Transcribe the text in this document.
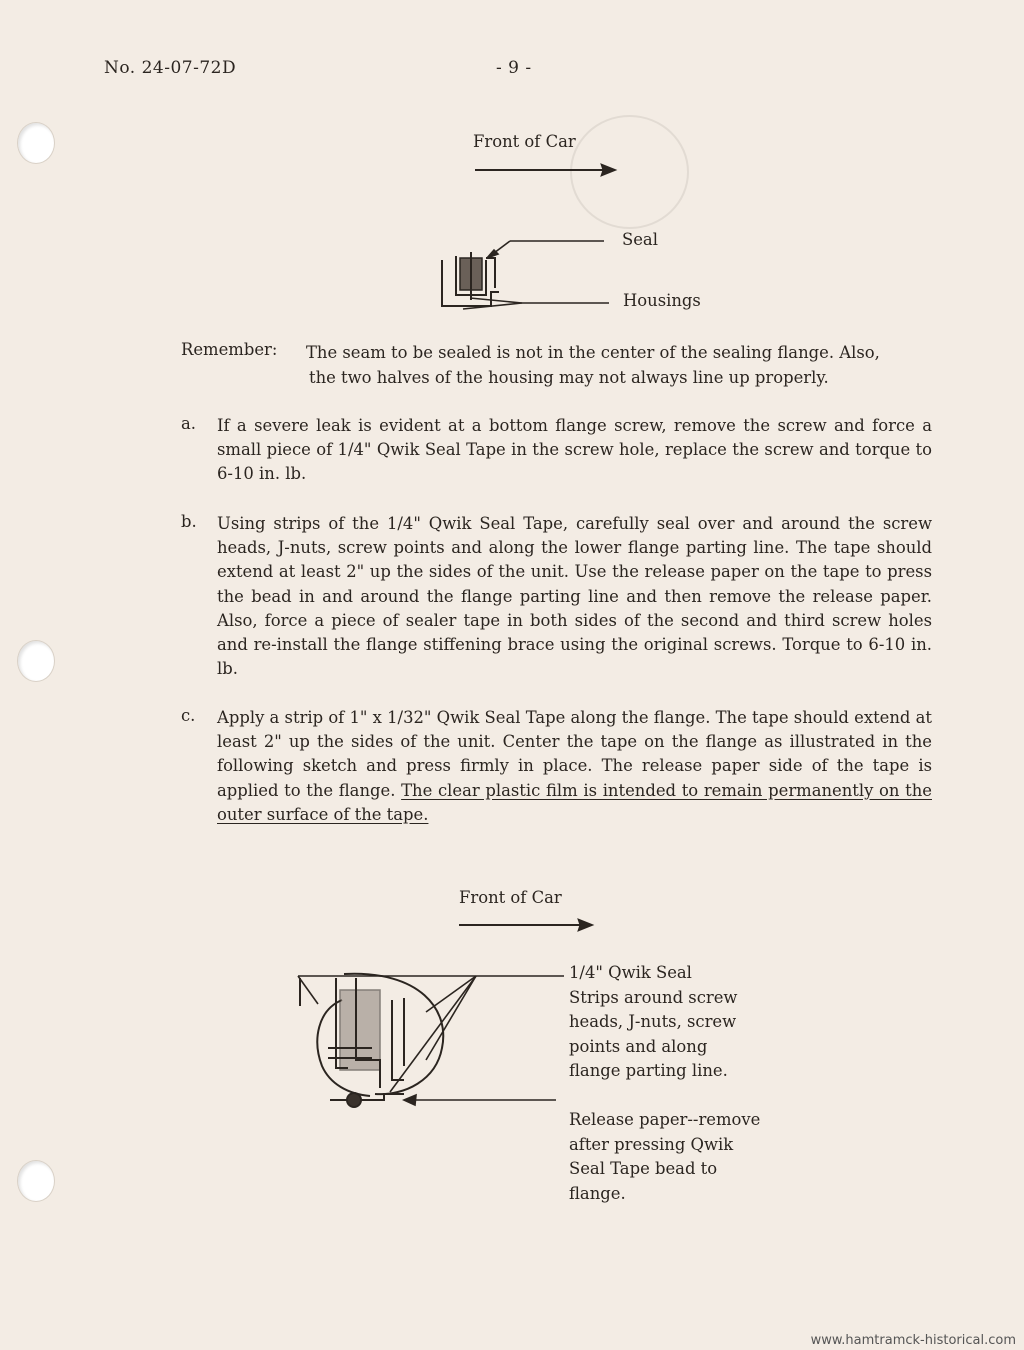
No. 24-07-72D	- 9 -
Front of Car
Seal
Housings
Remember: The seam to be sealed is not in the center of the sealing flange. Also,
the two halves of the housing may not always line up properly.
a. If a severe leak is evident at a bottom flange screw, remove the screw and force a small piece of 1/4" Qwik Seal Tape in the screw hole, replace the screw and torque to 6-10 in. lb.
b. Using strips of the 1/4" Qwik Seal Tape, carefully seal over and around the screw heads, J-nuts, screw points and along the lower flange parting line. The tape should extend at least 2" up the sides of the unit. Use the release paper on the tape to press the bead in and around the flange parting line and then remove the release paper. Also, force a piece of sealer tape in both sides of the second and third screw holes and re-install the flange stiffening brace using the original screws. Torque to 6-10 in. lb.
c. Apply a strip of 1" x 1/32" Qwik Seal Tape along the flange. The tape should extend at least 2" up the sides of the unit. Center the tape on the flange as illustrated in the following sketch and press firmly in place. The release paper side of the tape is applied to the flange. The clear plastic film is intended to remain permanently on the outer surface of the tape.
Front of Car
1/4" Qwik Seal
Strips around screw
heads, J-nuts, screw
points and along
flange parting line.
Release paper--remove
after pressing Qwik
Seal Tape bead to
flange.
www.hamtramck-historical.com
